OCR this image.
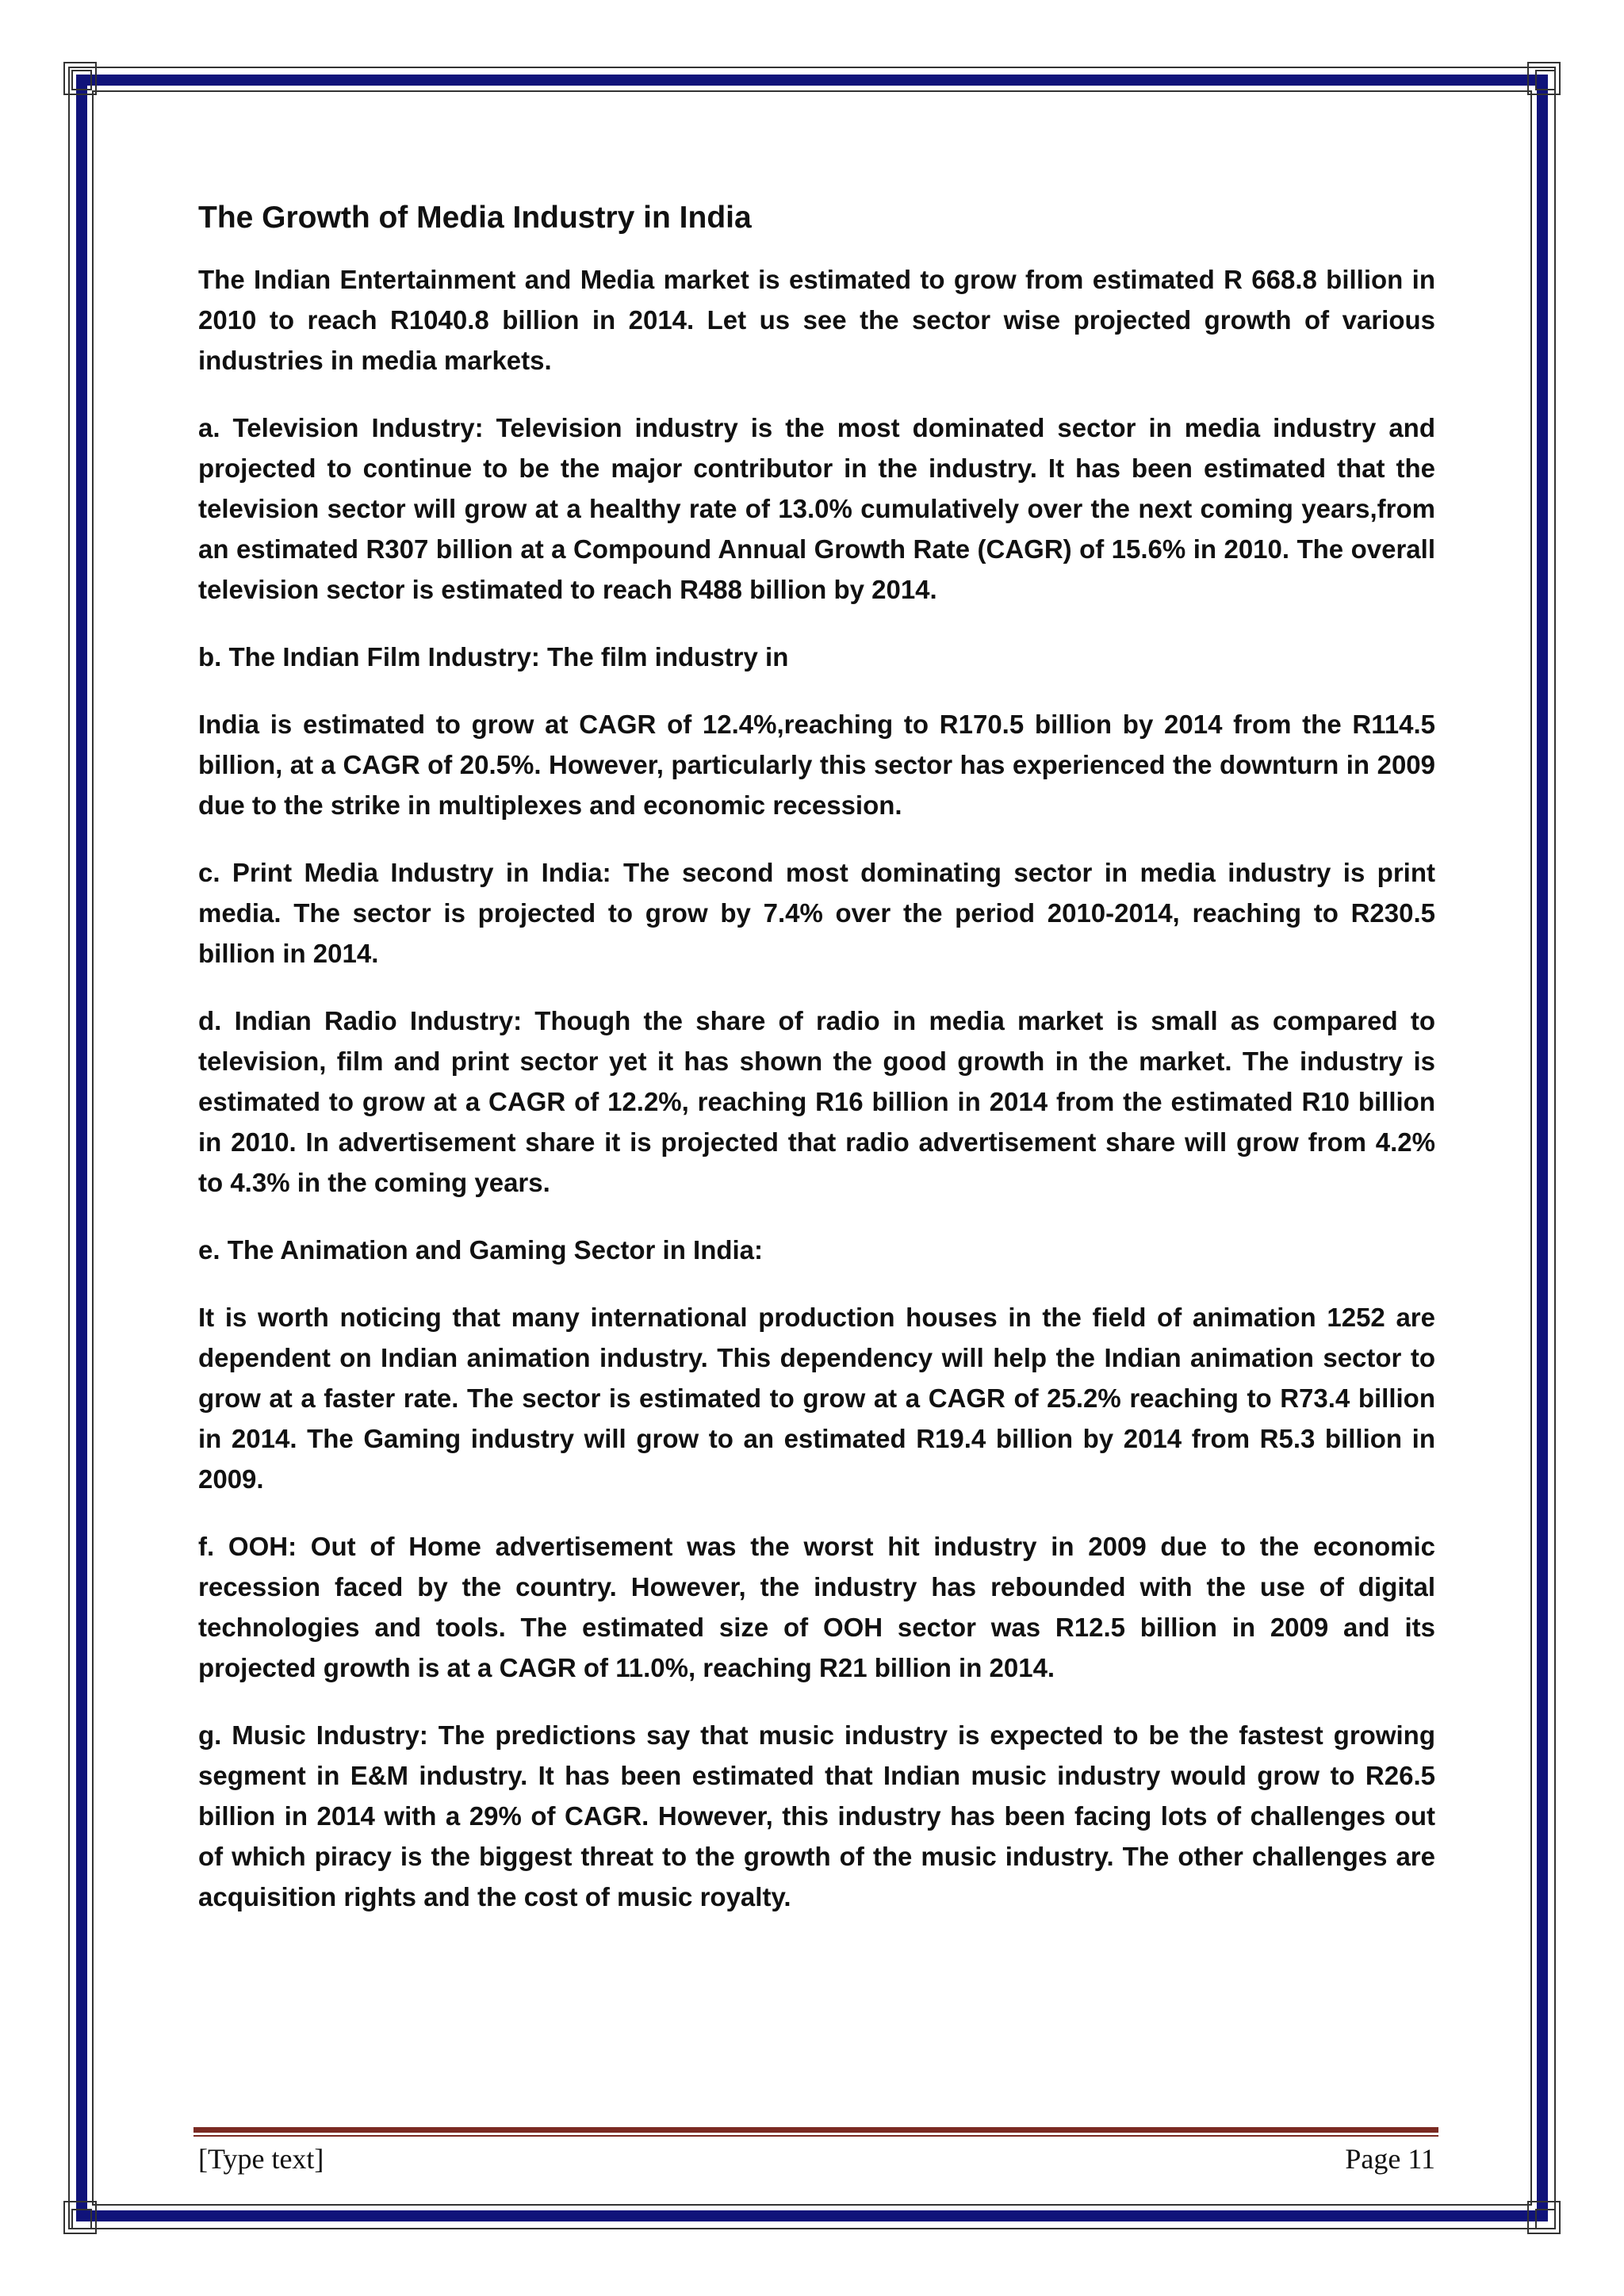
The Growth of Media Industry in India

The Indian Entertainment and Media market is estimated to grow from estimated R 668.8 billion in 2010 to reach R1040.8 billion in 2014. Let us see the sector wise projected growth of various industries in media markets.

a. Television Industry: Television industry is the most dominated sector in media industry and projected to continue to be the major contributor in the industry. It has been estimated that the television sector will grow at a healthy rate of 13.0% cumulatively over the next coming years,from an estimated R307 billion at a Compound Annual Growth Rate (CAGR) of 15.6% in 2010. The overall television sector is estimated to reach R488 billion by 2014.

b. The Indian Film Industry: The film industry in

India is estimated to grow at CAGR of 12.4%,reaching to R170.5 billion by 2014 from the R114.5 billion, at a CAGR of 20.5%. However, particularly this sector has experienced the downturn in 2009 due to the strike in multiplexes and economic recession.

c. Print Media Industry in India: The second most dominating sector in media industry is print media. The sector is projected to grow by 7.4% over the period 2010-2014, reaching to R230.5 billion in 2014.

d. Indian Radio Industry: Though the share of radio in media market is small as compared to television, film and print sector yet it has shown the good growth in the market. The industry is estimated to grow at a CAGR of 12.2%, reaching R16 billion in 2014 from the estimated R10 billion in 2010. In advertisement share it is projected that radio advertisement share will grow from 4.2% to 4.3% in the coming years.

e. The Animation and Gaming Sector in India:

It is worth noticing that many international production houses in the field of animation 1252 are dependent on Indian animation industry. This dependency will help the Indian animation sector to grow at a faster rate. The sector is estimated to grow at a CAGR of 25.2% reaching to R73.4 billion in 2014. The Gaming industry will grow to an estimated R19.4 billion by 2014 from R5.3 billion in 2009.

f. OOH: Out of Home advertisement was the worst hit industry in 2009 due to the economic recession faced by the country. However, the industry has rebounded with the use of digital technologies and tools. The estimated size of OOH sector was R12.5 billion in 2009 and its projected growth is at a CAGR of 11.0%, reaching R21 billion in 2014.

g. Music Industry: The predictions say that music industry is expected to be the fastest growing segment in E&M industry. It has been estimated that Indian music industry would grow to R26.5 billion in 2014 with a 29% of CAGR. However, this industry has been facing lots of challenges out of which piracy is the biggest threat to the growth of the music industry. The other challenges are acquisition rights and the cost of music royalty.

[Type text]	Page 11
